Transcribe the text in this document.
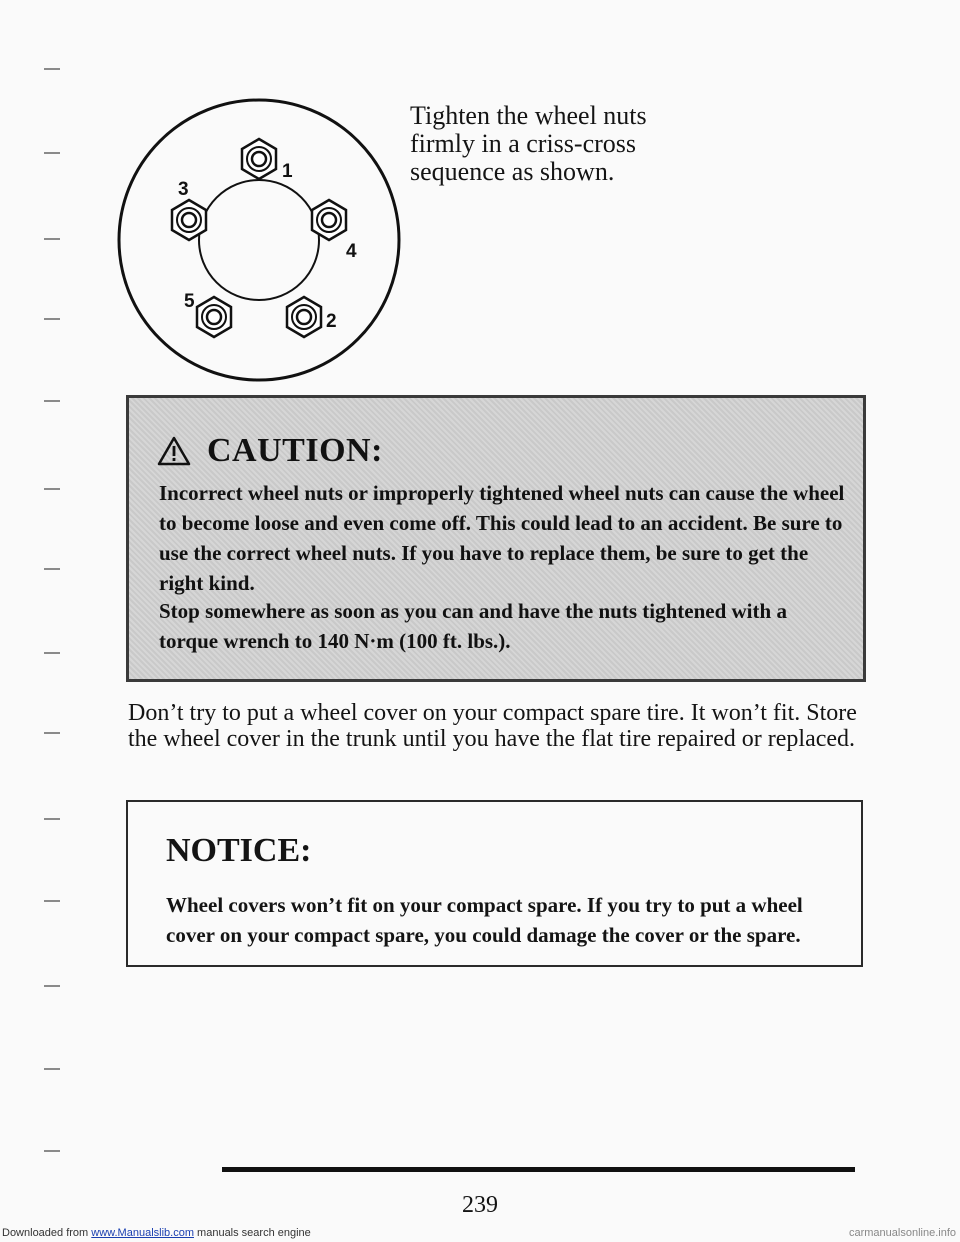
1
2
3
4
5
Tighten the wheel nuts firmly in a criss-cross sequence as shown.
CAUTION:
Incorrect wheel nuts or improperly tightened wheel nuts can cause the wheel to become loose and even come off. This could lead to an accident. Be sure to use the correct wheel nuts. If you have to replace them, be sure to get the right kind.
Stop somewhere as soon as you can and have the nuts tightened with a torque wrench to 140 N·m (100 ft. lbs.).
Don’t try to put a wheel cover on your compact spare tire. It won’t fit. Store the wheel cover in the trunk until you have the flat tire repaired or replaced.
NOTICE:
Wheel covers won’t fit on your compact spare. If you try to put a wheel cover on your compact spare, you could damage the cover or the spare.
239
Downloaded from www.Manualslib.com manuals search engine	carmanualsonline.info
